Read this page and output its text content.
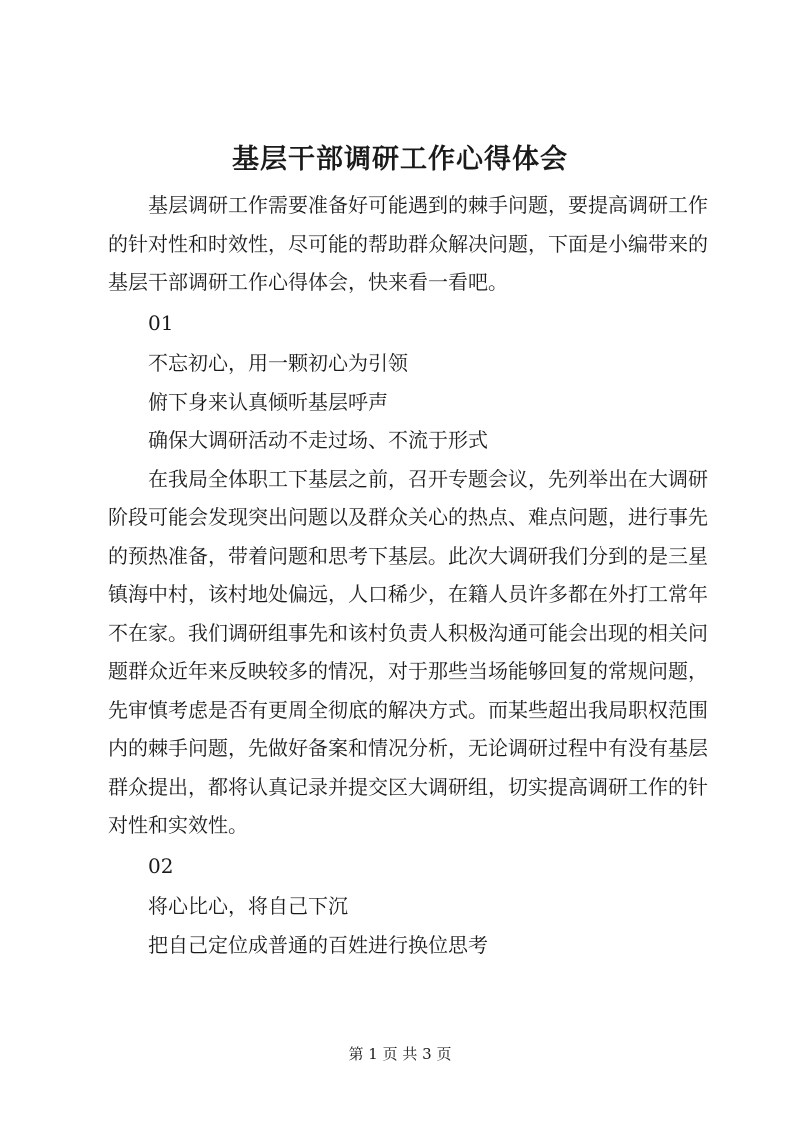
基层干部调研工作心得体会

基层调研工作需要准备好可能遇到的棘手问题，要提高调研工作的针对性和时效性，尽可能的帮助群众解决问题，下面是小编带来的基层干部调研工作心得体会，快来看一看吧。

01

不忘初心，用一颗初心为引领

俯下身来认真倾听基层呼声

确保大调研活动不走过场、不流于形式

在我局全体职工下基层之前，召开专题会议，先列举出在大调研阶段可能会发现突出问题以及群众关心的热点、难点问题，进行事先的预热准备，带着问题和思考下基层。此次大调研我们分到的是三星镇海中村，该村地处偏远，人口稀少，在籍人员许多都在外打工常年不在家。我们调研组事先和该村负责人积极沟通可能会出现的相关问题群众近年来反映较多的情况，对于那些当场能够回复的常规问题，先审慎考虑是否有更周全彻底的解决方式。而某些超出我局职权范围内的棘手问题，先做好备案和情况分析，无论调研过程中有没有基层群众提出，都将认真记录并提交区大调研组，切实提高调研工作的针对性和实效性。

02

将心比心，将自己下沉

把自己定位成普通的百姓进行换位思考

第 1 页 共 3 页
